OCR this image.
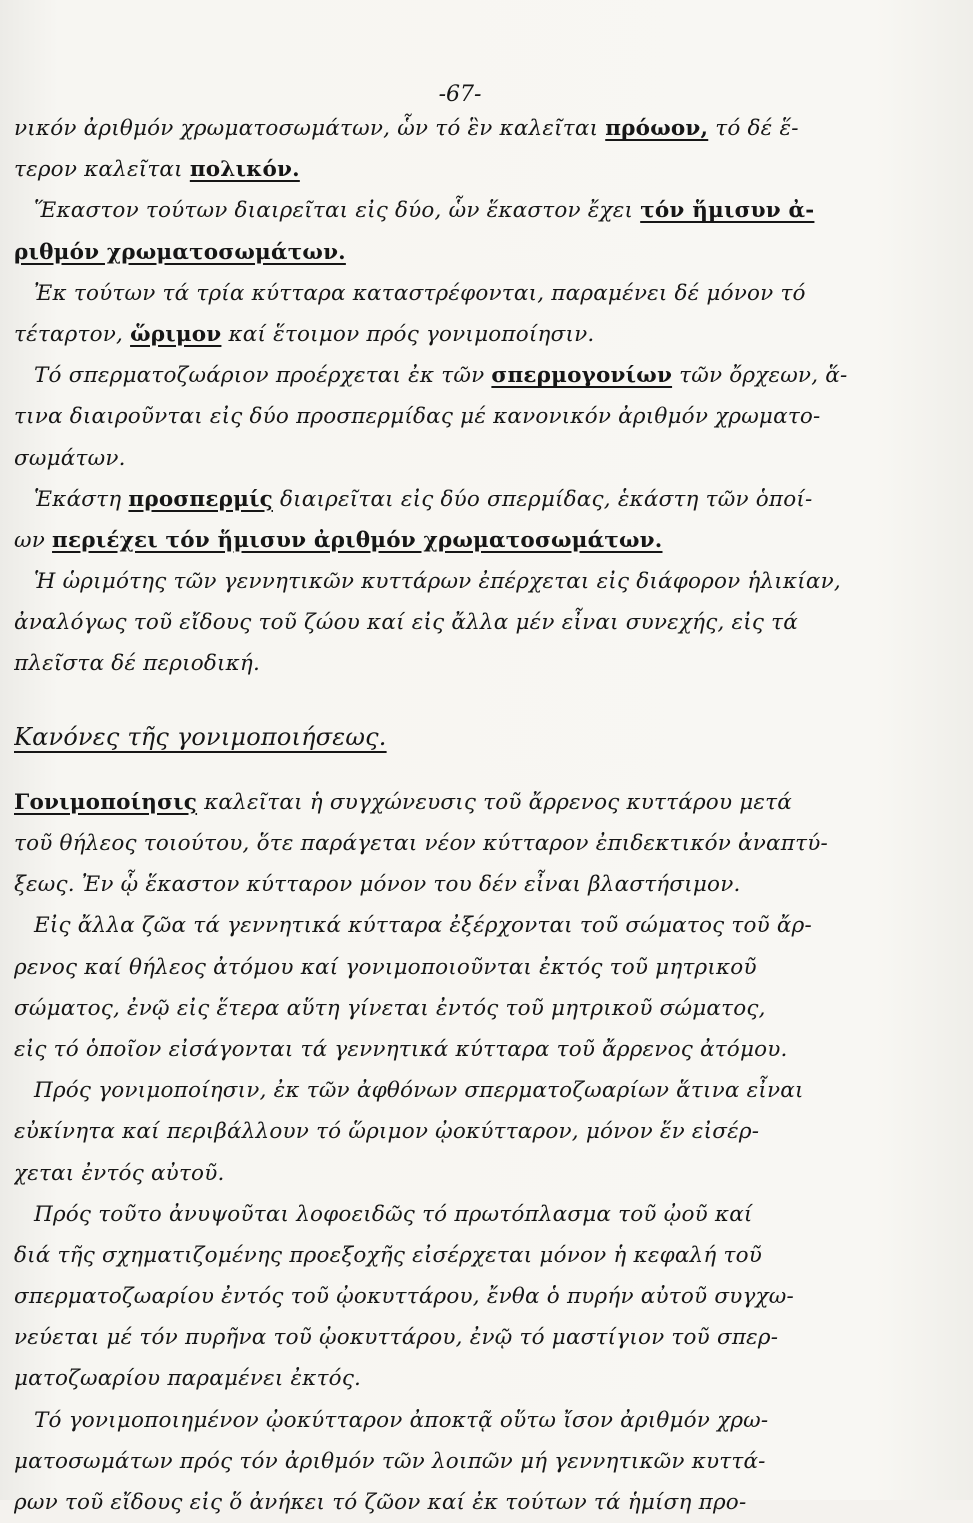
-67-
νικόν ἀριθμόν χρωματοσωμάτων, ὧν τό ἓν καλεῖται πρόωον, τό δέ ἕ-
τερον καλεῖται πολικόν.
Ἕκαστον τούτων διαιρεῖται εἰς δύο, ὧν ἕκαστον ἔχει τόν ἥμισυν ἀ-
ριθμόν χρωματοσωμάτων.
Ἐκ τούτων τά τρία κύτταρα καταστρέφονται, παραμένει δέ μόνον τό
τέταρτον, ὥριμον καί ἕτοιμον πρός γονιμοποίησιν.
Τό σπερματοζωάριον προέρχεται ἐκ τῶν σπερμογονίων τῶν ὄρχεων, ἅ-
τινα διαιροῦνται εἰς δύο προσπερμίδας μέ κανονικόν ἀριθμόν χρωματο-
σωμάτων.
Ἑκάστη προσπερμίς διαιρεῖται εἰς δύο σπερμίδας, ἑκάστη τῶν ὁποί-
ων περιέχει τόν ἥμισυν ἀριθμόν χρωματοσωμάτων.
Ἡ ὡριμότης τῶν γεννητικῶν κυττάρων ἐπέρχεται εἰς διάφορον ἡλικίαν,
ἀναλόγως τοῦ εἴδους τοῦ ζώου καί εἰς ἄλλα μέν εἶναι συνεχής, εἰς τά
πλεῖστα δέ περιοδική.
Κανόνες τῆς γονιμοποιήσεως.
Γονιμοποίησις καλεῖται ἡ συγχώνευσις τοῦ ἄρρενος κυττάρου μετά
τοῦ θήλεος τοιούτου, ὅτε παράγεται νέον κύτταρον ἐπιδεκτικόν ἀναπτύ-
ξεως. Ἐν ᾧ ἕκαστον κύτταρον μόνον του δέν εἶναι βλαστήσιμον.
Εἰς ἄλλα ζῶα τά γεννητικά κύτταρα ἐξέρχονται τοῦ σώματος τοῦ ἄρ-
ρενος καί θήλεος ἀτόμου καί γονιμοποιοῦνται ἐκτός τοῦ μητρικοῦ
σώματος, ἐνῷ εἰς ἕτερα αὕτη γίνεται ἐντός τοῦ μητρικοῦ σώματος,
εἰς τό ὁποῖον εἰσάγονται τά γεννητικά κύτταρα τοῦ ἄρρενος ἀτόμου.
Πρός γονιμοποίησιν, ἐκ τῶν ἀφθόνων σπερματοζωαρίων ἅτινα εἶναι
εὐκίνητα καί περιβάλλουν τό ὥριμον ᾠοκύτταρον, μόνον ἕν εἰσέρ-
χεται ἐντός αὐτοῦ.
Πρός τοῦτο ἀνυψοῦται λοφοειδῶς τό πρωτόπλασμα τοῦ ᾠοῦ καί
διά τῆς σχηματιζομένης προεξοχῆς εἰσέρχεται μόνον ἡ κεφαλή τοῦ
σπερματοζωαρίου ἐντός τοῦ ᾠοκυττάρου, ἔνθα ὁ πυρήν αὐτοῦ συγχω-
νεύεται μέ τόν πυρῆνα τοῦ ᾠοκυττάρου, ἐνῷ τό μαστίγιον τοῦ σπερ-
ματοζωαρίου παραμένει ἐκτός.
Τό γονιμοποιημένον ᾠοκύτταρον ἀποκτᾷ οὕτω ἴσον ἀριθμόν χρω-
ματοσωμάτων πρός τόν ἀριθμόν τῶν λοιπῶν μή γεννητικῶν κυττά-
ρων τοῦ εἴδους εἰς ὅ ἀνήκει τό ζῶον καί ἐκ τούτων τά ἡμίση προ-
